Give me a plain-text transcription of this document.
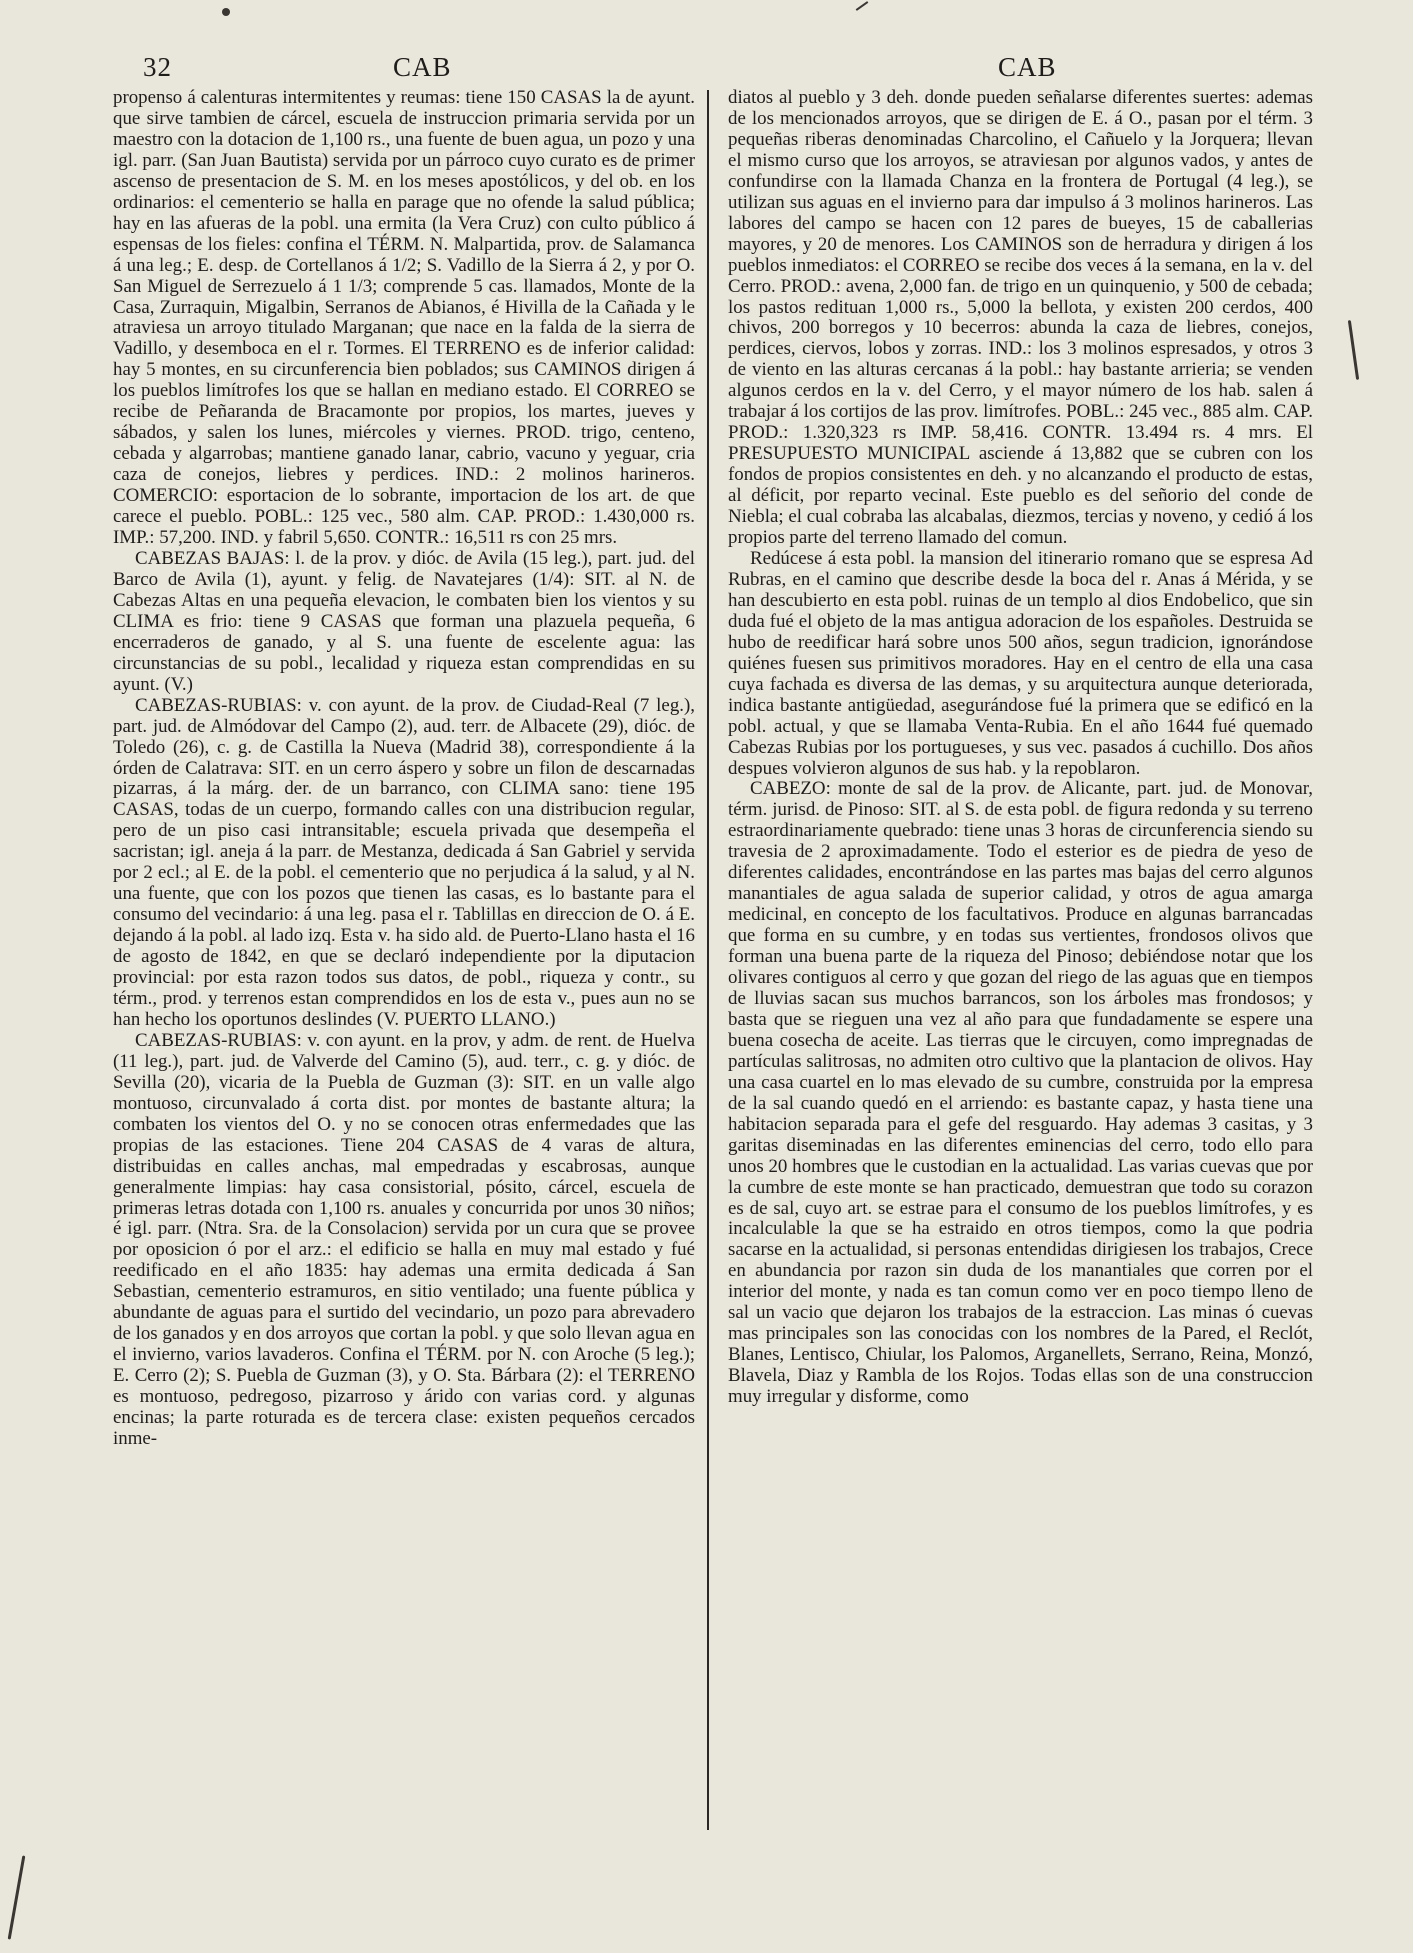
32	CAB	CAB

propenso á calenturas intermitentes y reumas: tiene 150 CASAS la de ayunt. que sirve tambien de cárcel, escuela de instruccion primaria servida por un maestro con la dotacion de 1,100 rs., una fuente de buen agua, un pozo y una igl. parr. (San Juan Bautista) servida por un párroco cuyo curato es de primer ascenso de presentacion de S. M. en los meses apostólicos, y del ob. en los ordinarios: el cementerio se halla en parage que no ofende la salud pública; hay en las afueras de la pobl. una ermita (la Vera Cruz) con culto público á espensas de los fieles: confina el TÉRM. N. Malpartida, prov. de Salamanca á una leg.; E. desp. de Cortellanos á 1/2; S. Vadillo de la Sierra á 2, y por O. San Miguel de Serrezuelo á 1 1/3; comprende 5 cas. llamados, Monte de la Casa, Zurraquin, Migalbin, Serranos de Abianos, é Hivilla de la Cañada y le atraviesa un arroyo titulado Marganan; que nace en la falda de la sierra de Vadillo, y desemboca en el r. Tormes. El TERRENO es de inferior calidad: hay 5 montes, en su circunferencia bien poblados; sus CAMINOS dirigen á los pueblos limítrofes los que se hallan en mediano estado. El CORREO se recibe de Peñaranda de Bracamonte por propios, los martes, jueves y sábados, y salen los lunes, miércoles y viernes. PROD. trigo, centeno, cebada y algarrobas; mantiene ganado lanar, cabrio, vacuno y yeguar, cria caza de conejos, liebres y perdices. IND.: 2 molinos harineros. COMERCIO: esportacion de lo sobrante, importacion de los art. de que carece el pueblo. POBL.: 125 vec., 580 alm. CAP. PROD.: 1.430,000 rs. IMP.: 57,200. IND. y fabril 5,650. CONTR.: 16,511 rs con 25 mrs.

CABEZAS BAJAS: l. de la prov. y dióc. de Avila (15 leg.), part. jud. del Barco de Avila (1), ayunt. y felig. de Navatejares (1/4): SIT. al N. de Cabezas Altas en una pequeña elevacion, le combaten bien los vientos y su CLIMA es frio: tiene 9 CASAS que forman una plazuela pequeña, 6 encerraderos de ganado, y al S. una fuente de escelente agua: las circunstancias de su pobl., lecalidad y riqueza estan comprendidas en su ayunt. (V.)

CABEZAS-RUBIAS: v. con ayunt. de la prov. de Ciudad-Real (7 leg.), part. jud. de Almódovar del Campo (2), aud. terr. de Albacete (29), dióc. de Toledo (26), c. g. de Castilla la Nueva (Madrid 38), correspondiente á la órden de Calatrava: SIT. en un cerro áspero y sobre un filon de descarnadas pizarras, á la márg. der. de un barranco, con CLIMA sano: tiene 195 CASAS, todas de un cuerpo, formando calles con una distribucion regular, pero de un piso casi intransitable; escuela privada que desempeña el sacristan; igl. aneja á la parr. de Mestanza, dedicada á San Gabriel y servida por 2 ecl.; al E. de la pobl. el cementerio que no perjudica á la salud, y al N. una fuente, que con los pozos que tienen las casas, es lo bastante para el consumo del vecindario: á una leg. pasa el r. Tablillas en direccion de O. á E. dejando á la pobl. al lado izq. Esta v. ha sido ald. de Puerto-Llano hasta el 16 de agosto de 1842, en que se declaró independiente por la diputacion provincial: por esta razon todos sus datos, de pobl., riqueza y contr., su térm., prod. y terrenos estan comprendidos en los de esta v., pues aun no se han hecho los oportunos deslindes (V. PUERTO LLANO.)

CABEZAS-RUBIAS: v. con ayunt. en la prov, y adm. de rent. de Huelva (11 leg.), part. jud. de Valverde del Camino (5), aud. terr., c. g. y dióc. de Sevilla (20), vicaria de la Puebla de Guzman (3): SIT. en un valle algo montuoso, circunvalado á corta dist. por montes de bastante altura; la combaten los vientos del O. y no se conocen otras enfermedades que las propias de las estaciones. Tiene 204 CASAS de 4 varas de altura, distribuidas en calles anchas, mal empedradas y escabrosas, aunque generalmente limpias: hay casa consistorial, pósito, cárcel, escuela de primeras letras dotada con 1,100 rs. anuales y concurrida por unos 30 niños; é igl. parr. (Ntra. Sra. de la Consolacion) servida por un cura que se provee por oposicion ó por el arz.: el edificio se halla en muy mal estado y fué reedificado en el año 1835: hay ademas una ermita dedicada á San Sebastian, cementerio estramuros, en sitio ventilado; una fuente pública y abundante de aguas para el surtido del vecindario, un pozo para abrevadero de los ganados y en dos arroyos que cortan la pobl. y que solo llevan agua en el invierno, varios lavaderos. Confina el TÉRM. por N. con Aroche (5 leg.); E. Cerro (2); S. Puebla de Guzman (3), y O. Sta. Bárbara (2): el TERRENO es montuoso, pedregoso, pizarroso y árido con varias cord. y algunas encinas; la parte roturada es de tercera clase: existen pequeños cercados inme-

diatos al pueblo y 3 deh. donde pueden señalarse diferentes suertes: ademas de los mencionados arroyos, que se dirigen de E. á O., pasan por el térm. 3 pequeñas riberas denominadas Charcolino, el Cañuelo y la Jorquera; llevan el mismo curso que los arroyos, se atraviesan por algunos vados, y antes de confundirse con la llamada Chanza en la frontera de Portugal (4 leg.), se utilizan sus aguas en el invierno para dar impulso á 3 molinos harineros. Las labores del campo se hacen con 12 pares de bueyes, 15 de caballerias mayores, y 20 de menores. Los CAMINOS son de herradura y dirigen á los pueblos inmediatos: el CORREO se recibe dos veces á la semana, en la v. del Cerro. PROD.: avena, 2,000 fan. de trigo en un quinquenio, y 500 de cebada; los pastos redituan 1,000 rs., 5,000 la bellota, y existen 200 cerdos, 400 chivos, 200 borregos y 10 becerros: abunda la caza de liebres, conejos, perdices, ciervos, lobos y zorras. IND.: los 3 molinos espresados, y otros 3 de viento en las alturas cercanas á la pobl.: hay bastante arrieria; se venden algunos cerdos en la v. del Cerro, y el mayor número de los hab. salen á trabajar á los cortijos de las prov. limítrofes. POBL.: 245 vec., 885 alm. CAP. PROD.: 1.320,323 rs IMP. 58,416. CONTR. 13.494 rs. 4 mrs. El PRESUPUESTO MUNICIPAL asciende á 13,882 que se cubren con los fondos de propios consistentes en deh. y no alcanzando el producto de estas, al déficit, por reparto vecinal. Este pueblo es del señorio del conde de Niebla; el cual cobraba las alcabalas, diezmos, tercias y noveno, y cedió á los propios parte del terreno llamado del comun.

Redúcese á esta pobl. la mansion del itinerario romano que se espresa Ad Rubras, en el camino que describe desde la boca del r. Anas á Mérida, y se han descubierto en esta pobl. ruinas de un templo al dios Endobelico, que sin duda fué el objeto de la mas antigua adoracion de los españoles. Destruida se hubo de reedificar hará sobre unos 500 años, segun tradicion, ignorándose quiénes fuesen sus primitivos moradores. Hay en el centro de ella una casa cuya fachada es diversa de las demas, y su arquitectura aunque deteriorada, indica bastante antigüedad, asegurándose fué la primera que se edificó en la pobl. actual, y que se llamaba Venta-Rubia. En el año 1644 fué quemado Cabezas Rubias por los portugueses, y sus vec. pasados á cuchillo. Dos años despues volvieron algunos de sus hab. y la repoblaron.

CABEZO: monte de sal de la prov. de Alicante, part. jud. de Monovar, térm. jurisd. de Pinoso: SIT. al S. de esta pobl. de figura redonda y su terreno estraordinariamente quebrado: tiene unas 3 horas de circunferencia siendo su travesia de 2 aproximadamente. Todo el esterior es de piedra de yeso de diferentes calidades, encontrándose en las partes mas bajas del cerro algunos manantiales de agua salada de superior calidad, y otros de agua amarga medicinal, en concepto de los facultativos. Produce en algunas barrancadas que forma en su cumbre, y en todas sus vertientes, frondosos olivos que forman una buena parte de la riqueza del Pinoso; debiéndose notar que los olivares contiguos al cerro y que gozan del riego de las aguas que en tiempos de lluvias sacan sus muchos barrancos, son los árboles mas frondosos; y basta que se rieguen una vez al año para que fundadamente se espere una buena cosecha de aceite. Las tierras que le circuyen, como impregnadas de partículas salitrosas, no admiten otro cultivo que la plantacion de olivos. Hay una casa cuartel en lo mas elevado de su cumbre, construida por la empresa de la sal cuando quedó en el arriendo: es bastante capaz, y hasta tiene una habitacion separada para el gefe del resguardo. Hay ademas 3 casitas, y 3 garitas diseminadas en las diferentes eminencias del cerro, todo ello para unos 20 hombres que le custodian en la actualidad. Las varias cuevas que por la cumbre de este monte se han practicado, demuestran que todo su corazon es de sal, cuyo art. se estrae para el consumo de los pueblos limítrofes, y es incalculable la que se ha estraido en otros tiempos, como la que podria sacarse en la actualidad, si personas entendidas dirigiesen los trabajos, Crece en abundancia por razon sin duda de los manantiales que corren por el interior del monte, y nada es tan comun como ver en poco tiempo lleno de sal un vacio que dejaron los trabajos de la estraccion. Las minas ó cuevas mas principales son las conocidas con los nombres de la Pared, el Reclót, Blanes, Lentisco, Chiular, los Palomos, Arganellets, Serrano, Reina, Monzó, Blavela, Diaz y Rambla de los Rojos. Todas ellas son de una construccion muy irregular y disforme, como
